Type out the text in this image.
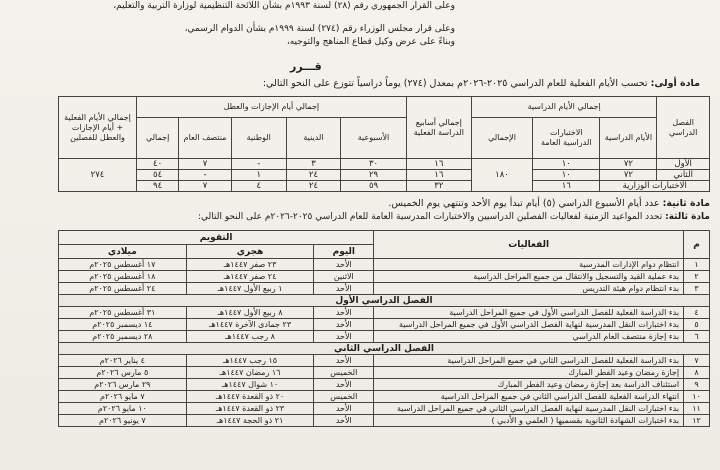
وعلى القرار الجمهوري رقم (٢٨) لسنة ١٩٩٣م بشأن اللائحة التنظيمية لوزارة التربية والتعليم،
وعلى قرار مجلس الوزراء رقم (٢٧٤) لسنة ١٩٩٩م بشأن الدوام الرسمي،
وبناءً على عرض وكيل قطاع المناهج والتوجيه،
قـــرر
مادة أولى: تحسب الأيام الفعلية للعام الدراسي ٢٠٢٥-٢٠٢٦م بمعدل (٢٧٤) يوماً دراسياً تتوزع على النحو التالي:
الفصل الدراسي	إجمالي الأيام الدراسية			إجمالي أسابيع الدراسة الفعلية	إجمالي أيام الإجازات والعطل					إجمالي الأيام الفعلية + أيام الإجازات والعطل للفصلين
	الأيام الدراسية	الاختبارات الدراسية العامة	الإجمالي		الأسبوعية	الدينية	الوطنية	منتصف العام	إجمالي	
الأول	٧٢	١٠	١٨٠	١٦	٣٠	٣	-	٧	٤٠	٢٧٤
الثاني	٧٢	١٠		١٦	٢٩	٢٤	١	-	٥٤	
الاختبارات الوزارية		١٦		٣٢	٥٩	٢٤	٤	٧	٩٤	
مادة ثانية: عدد أيام الأسبوع الدراسي (٥) أيام تبدأ يوم الأحد وتنتهي يوم الخميس.
مادة ثالثة: تحدد المواعيد الزمنية لفعاليات الفصلين الدراسيين والاختبارات المدرسية العامة للعام الدراسي ٢٠٢٥-٢٠٢٦م على النحو التالي:
م	الفعاليات	التقويم		
		اليوم	هجري	ميلادي
١	انتظام دوام الإدارات المدرسية	الأحد	٢٣ صفر ١٤٤٧هـ	١٧ أغسطس ٢٠٢٥م
٢	بدء عملية القيد والتسجيل والانتقال من جميع المراحل الدراسية	الاثنين	٢٤ صفر ١٤٤٧هـ	١٨ أغسطس ٢٠٢٥م
٣	بدء انتظام دوام هيئة التدريس	الأحد	١ ربيع الأول ١٤٤٧هـ	٢٤ أغسطس ٢٠٢٥م
الفصل الدراسي الأول				
٤	بدء الدراسة الفعلية للفصل الدراسي الأول في جميع المراحل الدراسية	الأحد	٨ ربيع الأول ١٤٤٧هـ	٣١ أغسطس ٢٠٢٥م
٥	بدء اختبارات النقل المدرسية لنهاية الفصل الدراسي الأول في جميع المراحل الدراسية	الأحد	٢٣ جمادى الآخرة ١٤٤٧هـ	١٤ ديسمبر ٢٠٢٥م
٦	بدء إجازة منتصف العام الدراسي	الأحد	٨ رجب ١٤٤٧هـ	٢٨ ديسمبر ٢٠٢٥م
الفصل الدراسي الثاني				
٧	بدء الدراسة الفعلية للفصل الدراسي الثاني في جميع المراحل الدراسية	الأحد	١٥ رجب ١٤٤٧هـ	٤ يناير ٢٠٢٦م
٨	إجازة رمضان وعيد الفطر المبارك	الخميس	١٦ رمضان ١٤٤٧هـ	٥ مارس ٢٠٢٦م
٩	استئناف الدراسة بعد إجازة رمضان وعيد الفطر المبارك	الأحد	١٠ شوال ١٤٤٧هـ	٢٩ مارس ٢٠٢٦م
١٠	انتهاء الدراسة الفعلية للفصل الدراسي الثاني في جميع المراحل الدراسية	الخميس	٢٠ ذو القعدة ١٤٤٧هـ	٧ مايو ٢٠٢٦م
١١	بدء اختبارات النقل المدرسية لنهاية الفصل الدراسي الثاني في جميع المراحل الدراسية	الأحد	٢٣ ذو القعدة ١٤٤٧هـ	١٠ مايو ٢٠٢٦م
١٢	بدء اختبارات الشهادة الثانوية بقسميها ( العلمي و الأدبي )	الأحد	٢١ ذو الحجة ١٤٤٧هـ	٧ يونيو ٢٠٢٦م
